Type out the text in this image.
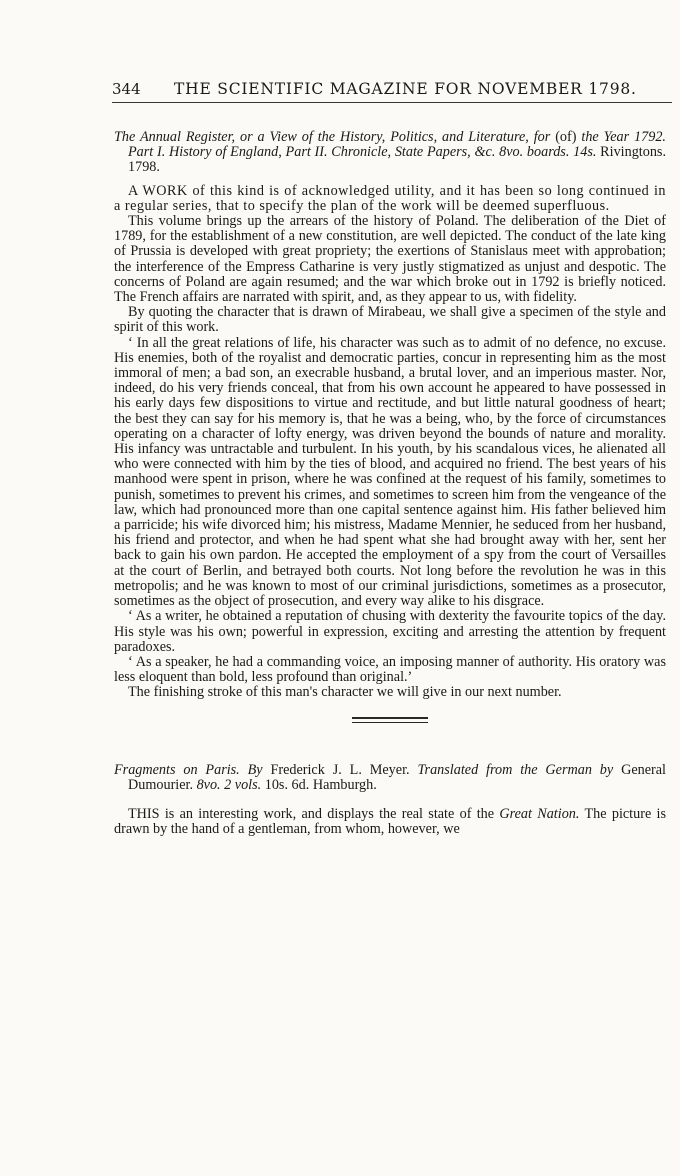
344 THE SCIENTIFIC MAGAZINE FOR NOVEMBER 1798.
The Annual Register, or a View of the History, Politics, and Literature, for (of) the Year 1792. Part I. History of England, Part II. Chronicle, State Papers, &c. 8vo. boards. 14s. Rivingtons. 1798.

A WORK of this kind is of acknowledged utility, and it has been so long continued in a regular series, that to specify the plan of the work will be deemed superfluous.

This volume brings up the arrears of the history of Poland. The deliberation of the Diet of 1789, for the establishment of a new constitution, are well depicted. The conduct of the late king of Prussia is developed with great propriety; the exertions of Stanislaus meet with approbation; the interference of the Empress Catharine is very justly stigmatized as unjust and despotic. The concerns of Poland are again resumed; and the war which broke out in 1792 is briefly noticed. The French affairs are narrated with spirit, and, as they appear to us, with fidelity.

By quoting the character that is drawn of Mirabeau, we shall give a specimen of the style and spirit of this work.

‘ In all the great relations of life, his character was such as to admit of no defence, no excuse. His enemies, both of the royalist and democratic parties, concur in representing him as the most immoral of men; a bad son, an execrable husband, a brutal lover, and an imperious master. Nor, indeed, do his very friends conceal, that from his own account he appeared to have possessed in his early days few dispositions to virtue and rectitude, and but little natural goodness of heart; the best they can say for his memory is, that he was a being, who, by the force of circumstances operating on a character of lofty energy, was driven beyond the bounds of nature and morality. His infancy was untractable and turbulent. In his youth, by his scandalous vices, he alienated all who were connected with him by the ties of blood, and acquired no friend. The best years of his manhood were spent in prison, where he was confined at the request of his family, sometimes to punish, sometimes to prevent his crimes, and sometimes to screen him from the vengeance of the law, which had pronounced more than one capital sentence against him. His father believed him a parricide; his wife divorced him; his mistress, Madame Mennier, he seduced from her husband, his friend and protector, and when he had spent what she had brought away with her, sent her back to gain his own pardon. He accepted the employment of a spy from the court of Versailles at the court of Berlin, and betrayed both courts. Not long before the revolution he was in this metropolis; and he was known to most of our criminal jurisdictions, sometimes as a prosecutor, sometimes as the object of prosecution, and every way alike to his disgrace.

‘ As a writer, he obtained a reputation of chusing with dexterity the favourite topics of the day. His style was his own; powerful in expression, exciting and arresting the attention by frequent paradoxes.

‘ As a speaker, he had a commanding voice, an imposing manner of authority. His oratory was less eloquent than bold, less profound than original.’

The finishing stroke of this man's character we will give in our next number.

Fragments on Paris. By Frederick J. L. Meyer. Translated from the German by General Dumourier. 8vo. 2 vols. 10s. 6d. Hamburgh.

THIS is an interesting work, and displays the real state of the Great Nation. The picture is drawn by the hand of a gentleman, from whom, however, we
